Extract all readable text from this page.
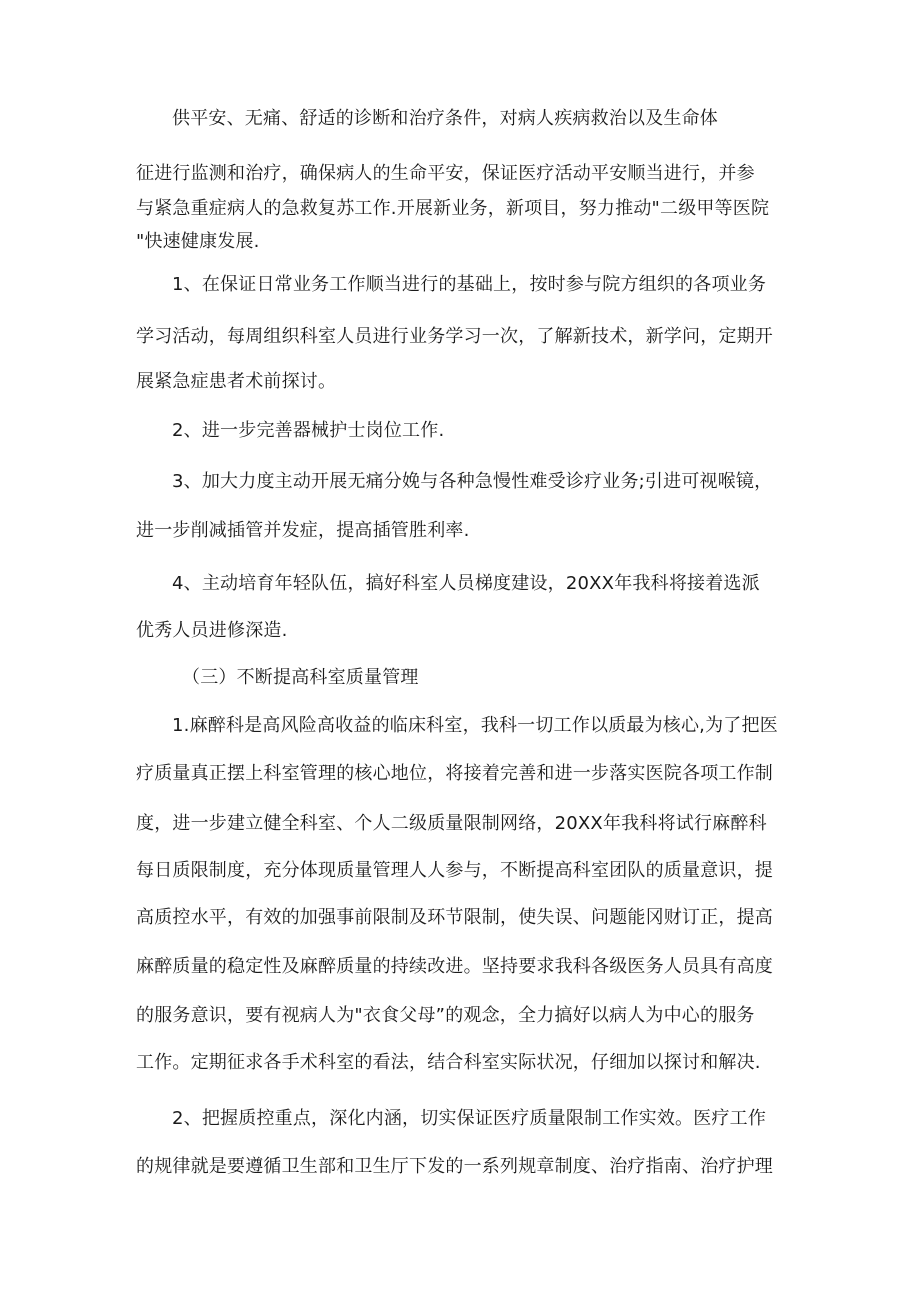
供平安、无痛、舒适的诊断和治疗条件，对病人疾病救治以及生命体
征进行监测和治疗，确保病人的生命平安，保证医疗活动平安顺当进行，并参
与紧急重症病人的急救复苏工作.开展新业务，新项目，努力推动"二级甲等医院
"快速健康发展.
1、在保证日常业务工作顺当进行的基础上，按时参与院方组织的各项业务
学习活动，每周组织科室人员进行业务学习一次，了解新技术，新学问，定期开
展紧急症患者术前探讨。
2、进一步完善器械护士岗位工作.
3、加大力度主动开展无痛分娩与各种急慢性难受诊疗业务;引进可视喉镜，
进一步削减插管并发症，提高插管胜利率.
4、主动培育年轻队伍，搞好科室人员梯度建设，20XX年我科将接着选派
优秀人员进修深造.
（三）不断提高科室质量管理
1.麻醉科是高风险高收益的临床科室，我科一切工作以质最为核心,为了把医
疗质量真正摆上科室管理的核心地位，将接着完善和进一步落实医院各项工作制
度，进一步建立健全科室、个人二级质量限制网络，20XX年我科将试行麻醉科
每日质限制度，充分体现质量管理人人参与，不断提高科室团队的质量意识，提
高质控水平，有效的加强事前限制及环节限制，使失误、问题能冈财订正，提高
麻醉质量的稳定性及麻醉质量的持续改进。坚持要求我科各级医务人员具有高度
的服务意识，要有视病人为"衣食父母”的观念，全力搞好以病人为中心的服务
工作。定期征求各手术科室的看法，结合科室实际状况，仔细加以探讨和解决.
2、把握质控重点，深化内涵，切实保证医疗质量限制工作实效。医疗工作
的规律就是要遵循卫生部和卫生厅下发的一系列规章制度、治疗指南、治疗护理
